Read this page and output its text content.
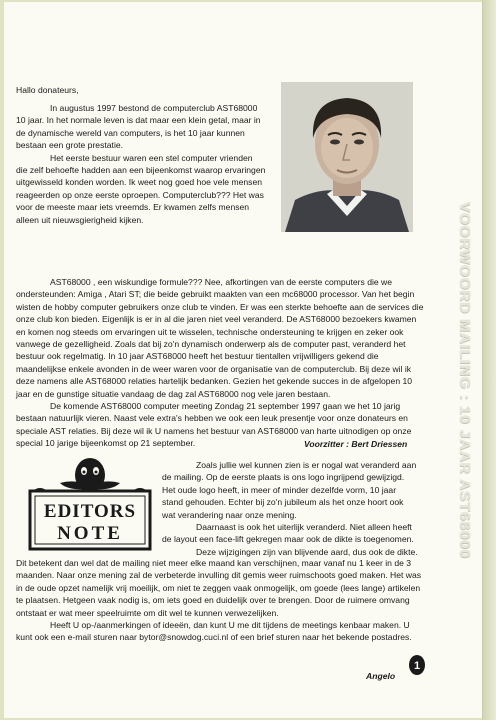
Hallo donateurs,

In augustus 1997 bestond de computerclub AST68000 10 jaar. In het normale leven is dat maar een klein getal, maar in de dynamische wereld van computers, is het 10 jaar kunnen bestaan een grote prestatie.

Het eerste bestuur waren een stel computer vrienden die zelf behoefte hadden aan een bijeenkomst waarop ervaringen uitgewisseld konden worden. Ik weet nog goed hoe vele mensen reageerden op onze eerste oproepen. Computerclub??? Het was voor de meeste maar iets vreemds. Er kwamen zelfs mensen alleen uit nieuwsgierigheid kijken.

AST68000 , een wiskundige formule??? Nee, afkortingen van de eerste computers die we ondersteunden: Amiga , Atari ST; die beide gebruikt maakten van een mc68000 processor. Van het begin wisten de hobby computer gebruikers onze club te vinden. Er was een sterkte behoefte aan de services die onze club kon bieden. Eigenlijk is er in al die jaren niet veel veranderd. De AST68000 bezoekers kwamen en komen nog steeds om ervaringen uit te wisselen, technische ondersteuning te krijgen en zeker ook vanwege de gezelligheid. Zoals dat bij zo'n dynamisch onderwerp als de computer past, veranderd het bestuur ook regelmatig. In 10 jaar AST68000 heeft het bestuur tientallen vrijwilligers gekend die maandelijkse enkele avonden in de weer waren voor de organisatie van de computerclub. Bij deze wil ik deze namens alle AST68000 relaties hartelijk bedanken. Gezien het gekende succes in de afgelopen 10 jaar en de gunstige situatie vandaag de dag zal AST68000 nog vele jaren bestaan.

De komende AST68000 computer meeting Zondag 21 september 1997 gaan we het 10 jarig bestaan natuurlijk vieren. Naast vele extra's hebben we ook een leuk presentje voor onze donateurs en speciale AST relaties. Bij deze wil ik U namens het bestuur van AST68000 van harte uitnodigen op onze special 10 jarige bijeenkomst op 21 september.	Voorzitter : Bert Driessen
EDITORS
NOTE

Zoals jullie wel kunnen zien is er nogal wat veranderd aan de mailing. Op de eerste plaats is ons logo ingrijpend gewijzigd. Het oude logo heeft, in meer of minder dezelfde vorm, 10 jaar stand gehouden. Echter bij zo'n jubileum als het onze hoort ook wat verandering naar onze mening.

Daarnaast is ook het uiterlijk veranderd. Niet alleen heeft de layout een face-lift gekregen maar ook de dikte is toegenomen.

Deze wijzigingen zijn van blijvende aard, dus ook de dikte.

Dit betekent dan wel dat de mailing niet meer elke maand kan verschijnen, maar vanaf nu 1 keer in de 3 maanden. Naar onze mening zal de verbeterde invulling dit gemis weer ruimschoots goed maken. Het was in de oude opzet namelijk vrij moeilijk, om niet te zeggen vaak onmogelijk, om goede (lees lange) artikelen te plaatsen. Hetgeen vaak nodig is, om iets goed en duidelijk over te brengen. Door de ruimere omvang ontstaat er wat meer speelruimte om dit wel te kunnen verwezelijken.

Heeft U op-/aanmerkingen of ideeën, dan kunt U me dit tijdens de meetings kenbaar maken. U kunt ook een e-mail sturen naar bytor@snowdog.cuci.nl of een brief sturen naar het bekende postadres.

Angelo
VOORWOORD MAILING : 10 JAAR AST68000
1
